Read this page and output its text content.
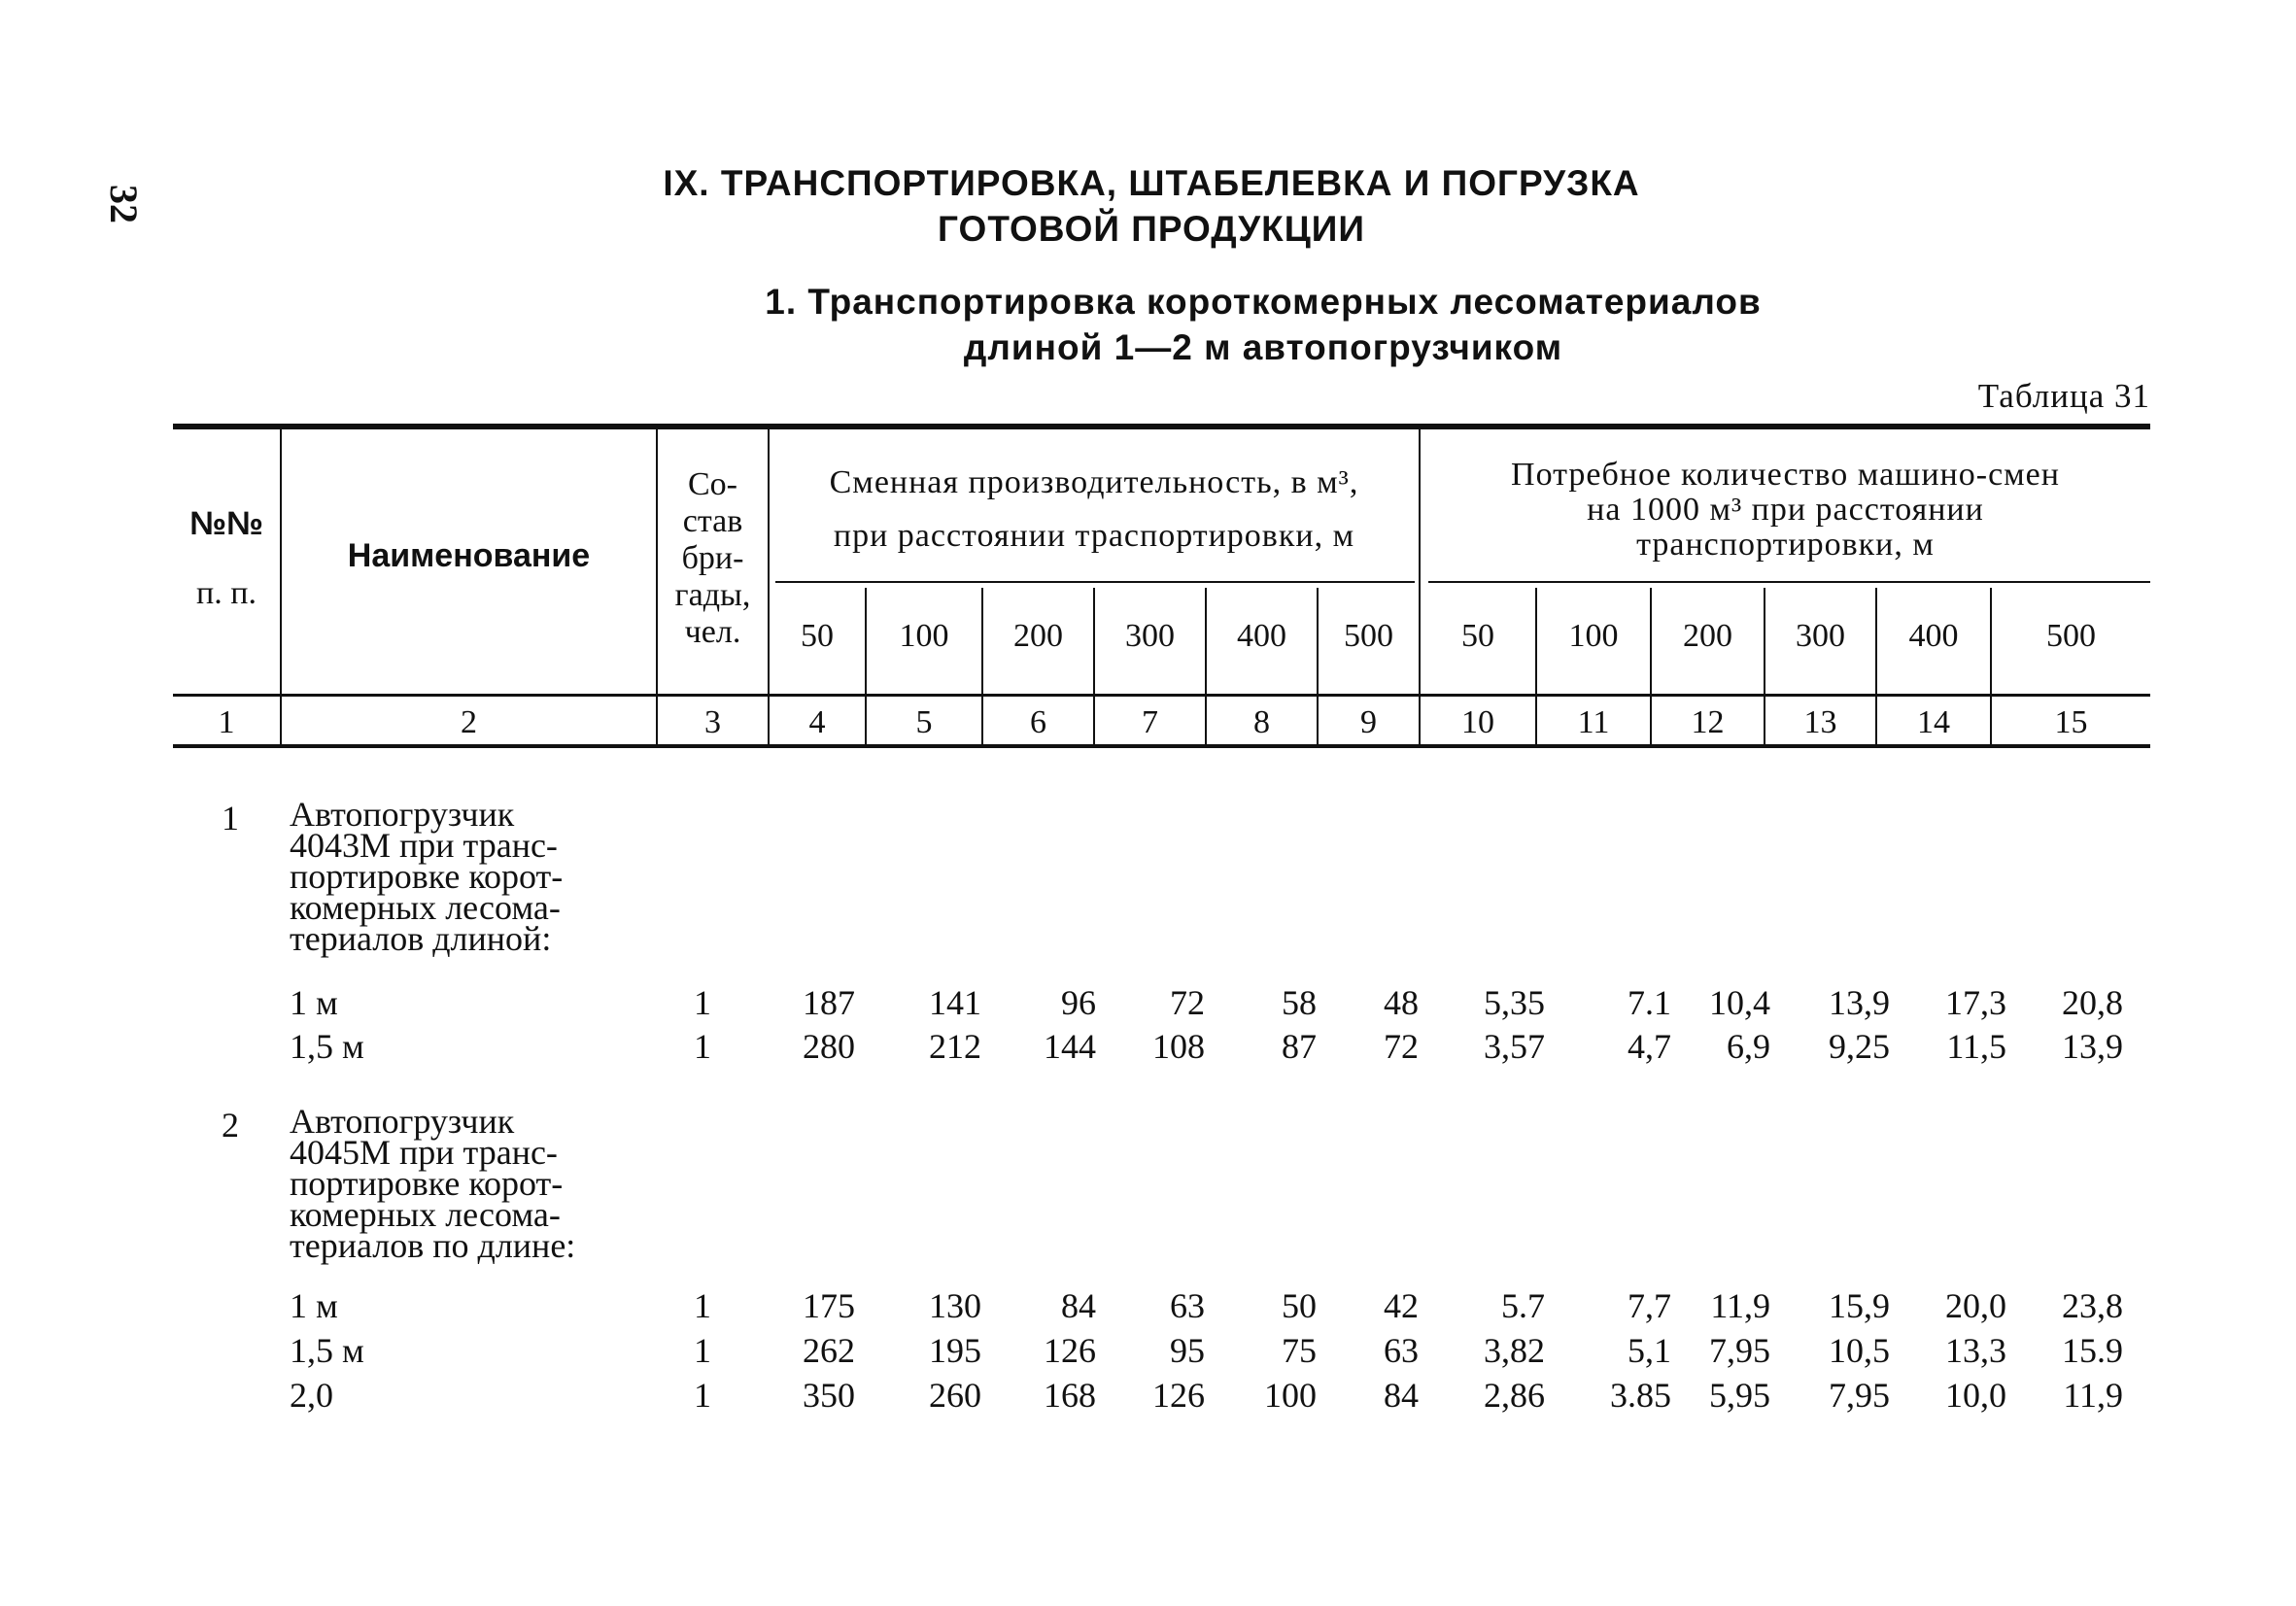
32
IX. ТРАНСПОРТИРОВКА, ШТАБЕЛЕВКА И ПОГРУЗКА
ГОТОВОЙ ПРОДУКЦИИ
1. Транспортировка короткомерных лесоматериалов
длиной 1—2 м автопогрузчиком
Таблица 31
№№
п. п.
Наименование
Со-
став
бри-
гады,
чел.
Сменная производительность, в м³,
при расстоянии траспортировки, м
Потребное количество машино-смен
на 1000 м³ при расстоянии
транспортировки, м
50	100	200	300	400	500	50	100	200	300	400	500
1	2	3	4	5	6	7	8	9	10	11	12	13	14	15
1 Автопогрузчик
4043М при транс-
портировке корот-
комерных лесома-
териалов длиной:
1 м	1	187	141	96	72	58	48	5,35	7.1	10,4	13,9	17,3	20,8
1,5 м	1	280	212	144	108	87	72	3,57	4,7	6,9	9,25	11,5	13,9
2 Автопогрузчик
4045М при транс-
портировке корот-
комерных лесома-
териалов по длине:
1 м	1	175	130	84	63	50	42	5.7	7,7	11,9	15,9	20,0	23,8
1,5 м	1	262	195	126	95	75	63	3,82	5,1	7,95	10,5	13,3	15.9
2,0	1	350	260	168	126	100	84	2,86	3.85	5,95	7,95	10,0	11,9
